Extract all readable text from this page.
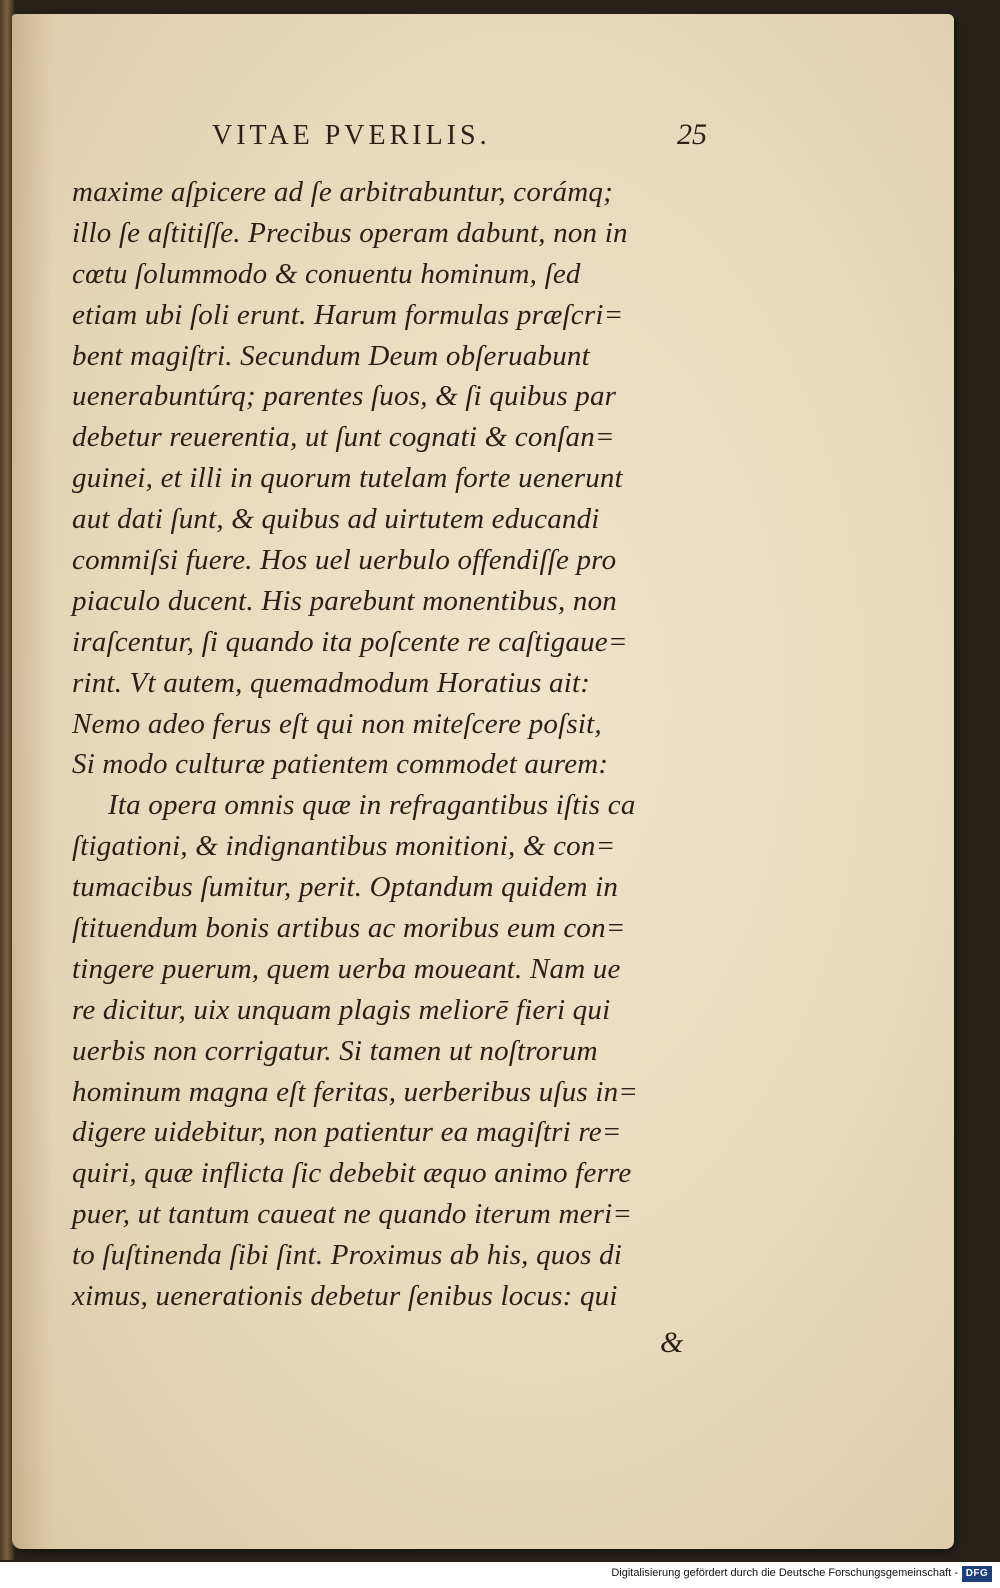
VITAE PVERILIS.	25
maxime aſpicere ad ſe arbitrabuntur, corámq;
illo ſe aſtitiſſe. Precibus operam dabunt, non in
cœtu ſolummodo & conuentu hominum, ſed
etiam ubi ſoli erunt. Harum formulas præſcri=
bent magiſtri. Secundum Deum obſeruabunt
uenerabuntúrq; parentes ſuos, & ſi quibus par
debetur reuerentia, ut ſunt cognati & conſan=
guinei, et illi in quorum tutelam forte uenerunt
aut dati ſunt, & quibus ad uirtutem educandi
commiſsi fuere. Hos uel uerbulo offendiſſe pro
piaculo ducent. His parebunt monentibus, non
iraſcentur, ſi quando ita poſcente re caſtigaue=
rint. Vt autem, quemadmodum Horatius ait:
Nemo adeo ferus eſt qui non miteſcere poſsit,
Si modo culturæ patientem commodet aurem:
Ita opera omnis quæ in refragantibus iſtis ca
ſtigationi, & indignantibus monitioni, & con=
tumacibus ſumitur, perit. Optandum quidem in
ſtituendum bonis artibus ac moribus eum con=
tingere puerum, quem uerba moueant. Nam ue
re dicitur, uix unquam plagis meliorē fieri qui
uerbis non corrigatur. Si tamen ut noſtrorum
hominum magna eſt feritas, uerberibus uſus in=
digere uidebitur, non patientur ea magiſtri re=
quiri, quæ inflicta ſic debebit æquo animo ferre
puer, ut tantum caueat ne quando iterum meri=
to ſuſtinenda ſibi ſint. Proximus ab his, quos di
ximus, uenerationis debetur ſenibus locus: qui
&
Digitalisierung gefördert durch die Deutsche Forschungsgemeinschaft - DFG
